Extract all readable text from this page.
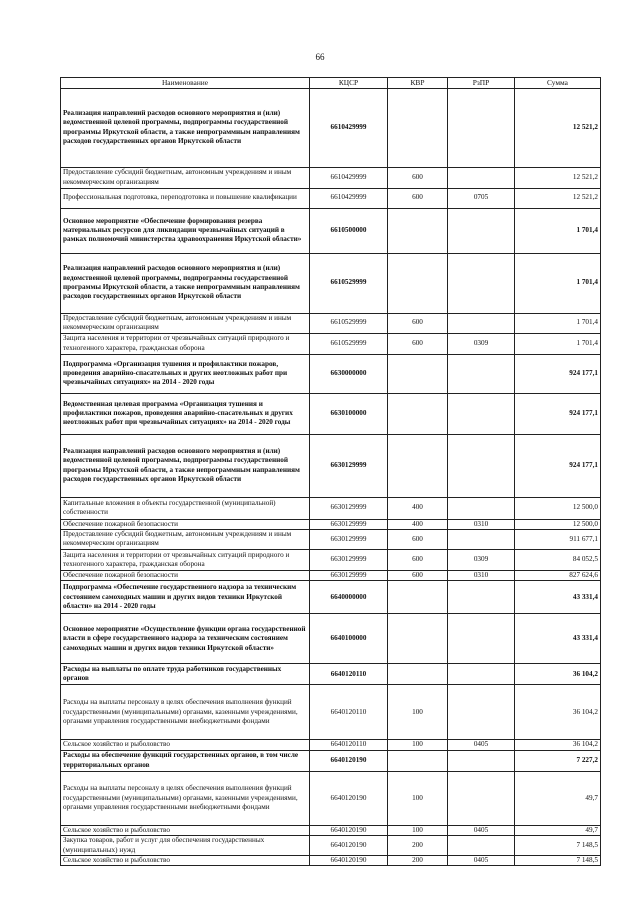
66
Наименование	КЦСР	КВР	РзПР	Сумма
Реализация направлений расходов основного мероприятия и (или) ведомственной целевой программы, подпрограммы государственной программы Иркутской области, а также непрограммным направлениям расходов государственных органов Иркутской области	6610429999			12 521,2
Предоставление субсидий бюджетным, автономным учреждениям и иным некоммерческим организациям	6610429999	600		12 521,2
Профессиональная подготовка, переподготовка и повышение квалификации	6610429999	600	0705	12 521,2
Основное мероприятие «Обеспечение формирования резерва материальных ресурсов для ликвидации чрезвычайных ситуаций в рамках полномочий министерства здравоохранения Иркутской области»	6610500000			1 701,4
Реализация направлений расходов основного мероприятия и (или) ведомственной целевой программы, подпрограммы государственной программы Иркутской области, а также непрограммным направлениям расходов государственных органов Иркутской области	6610529999			1 701,4
Предоставление субсидий бюджетным, автономным учреждениям и иным некоммерческим организациям	6610529999	600		1 701,4
Защита населения и территории от чрезвычайных ситуаций природного и техногенного характера, гражданская оборона	6610529999	600	0309	1 701,4
Подпрограмма «Организация тушения и профилактики пожаров, проведения аварийно-спасательных и других неотложных работ при чрезвычайных ситуациях» на 2014 - 2020 годы	6630000000			924 177,1
Ведомственная целевая программа «Организация тушения и профилактики пожаров, проведения аварийно-спасательных и других неотложных работ при чрезвычайных ситуациях» на 2014 - 2020 годы	6630100000			924 177,1
Реализация направлений расходов основного мероприятия и (или) ведомственной целевой программы, подпрограммы государственной программы Иркутской области, а также непрограммным направлениям расходов государственных органов Иркутской области	6630129999			924 177,1
Капитальные вложения в объекты государственной (муниципальной) собственности	6630129999	400		12 500,0
Обеспечение пожарной безопасности	6630129999	400	0310	12 500,0
Предоставление субсидий бюджетным, автономным учреждениям и иным некоммерческим организациям	6630129999	600		911 677,1
Защита населения и территории от чрезвычайных ситуаций природного и техногенного характера, гражданская оборона	6630129999	600	0309	84 052,5
Обеспечение пожарной безопасности	6630129999	600	0310	827 624,6
Подпрограмма «Обеспечение государственного надзора за техническим состоянием самоходных машин и других видов техники Иркутской области» на 2014 - 2020 годы	6640000000			43 331,4
Основное мероприятие «Осуществление функции органа государственной власти в сфере государственного надзора за техническим состоянием самоходных машин и других видов техники Иркутской области»	6640100000			43 331,4
Расходы на выплаты по оплате труда работников государственных органов	6640120110			36 104,2
Расходы на выплаты персоналу в целях обеспечения выполнения функций государственными (муниципальными) органами, казенными учреждениями, органами управления государственными внебюджетными фондами	6640120110	100		36 104,2
Сельское хозяйство и рыболовство	6640120110	100	0405	36 104,2
Расходы на обеспечение функций государственных органов, в том числе территориальных органов	6640120190			7 227,2
Расходы на выплаты персоналу в целях обеспечения выполнения функций государственными (муниципальными) органами, казенными учреждениями, органами управления государственными внебюджетными фондами	6640120190	100		49,7
Сельское хозяйство и рыболовство	6640120190	100	0405	49,7
Закупка товаров, работ и услуг для обеспечения государственных (муниципальных) нужд	6640120190	200		7 148,5
Сельское хозяйство и рыболовство	6640120190	200	0405	7 148,5
